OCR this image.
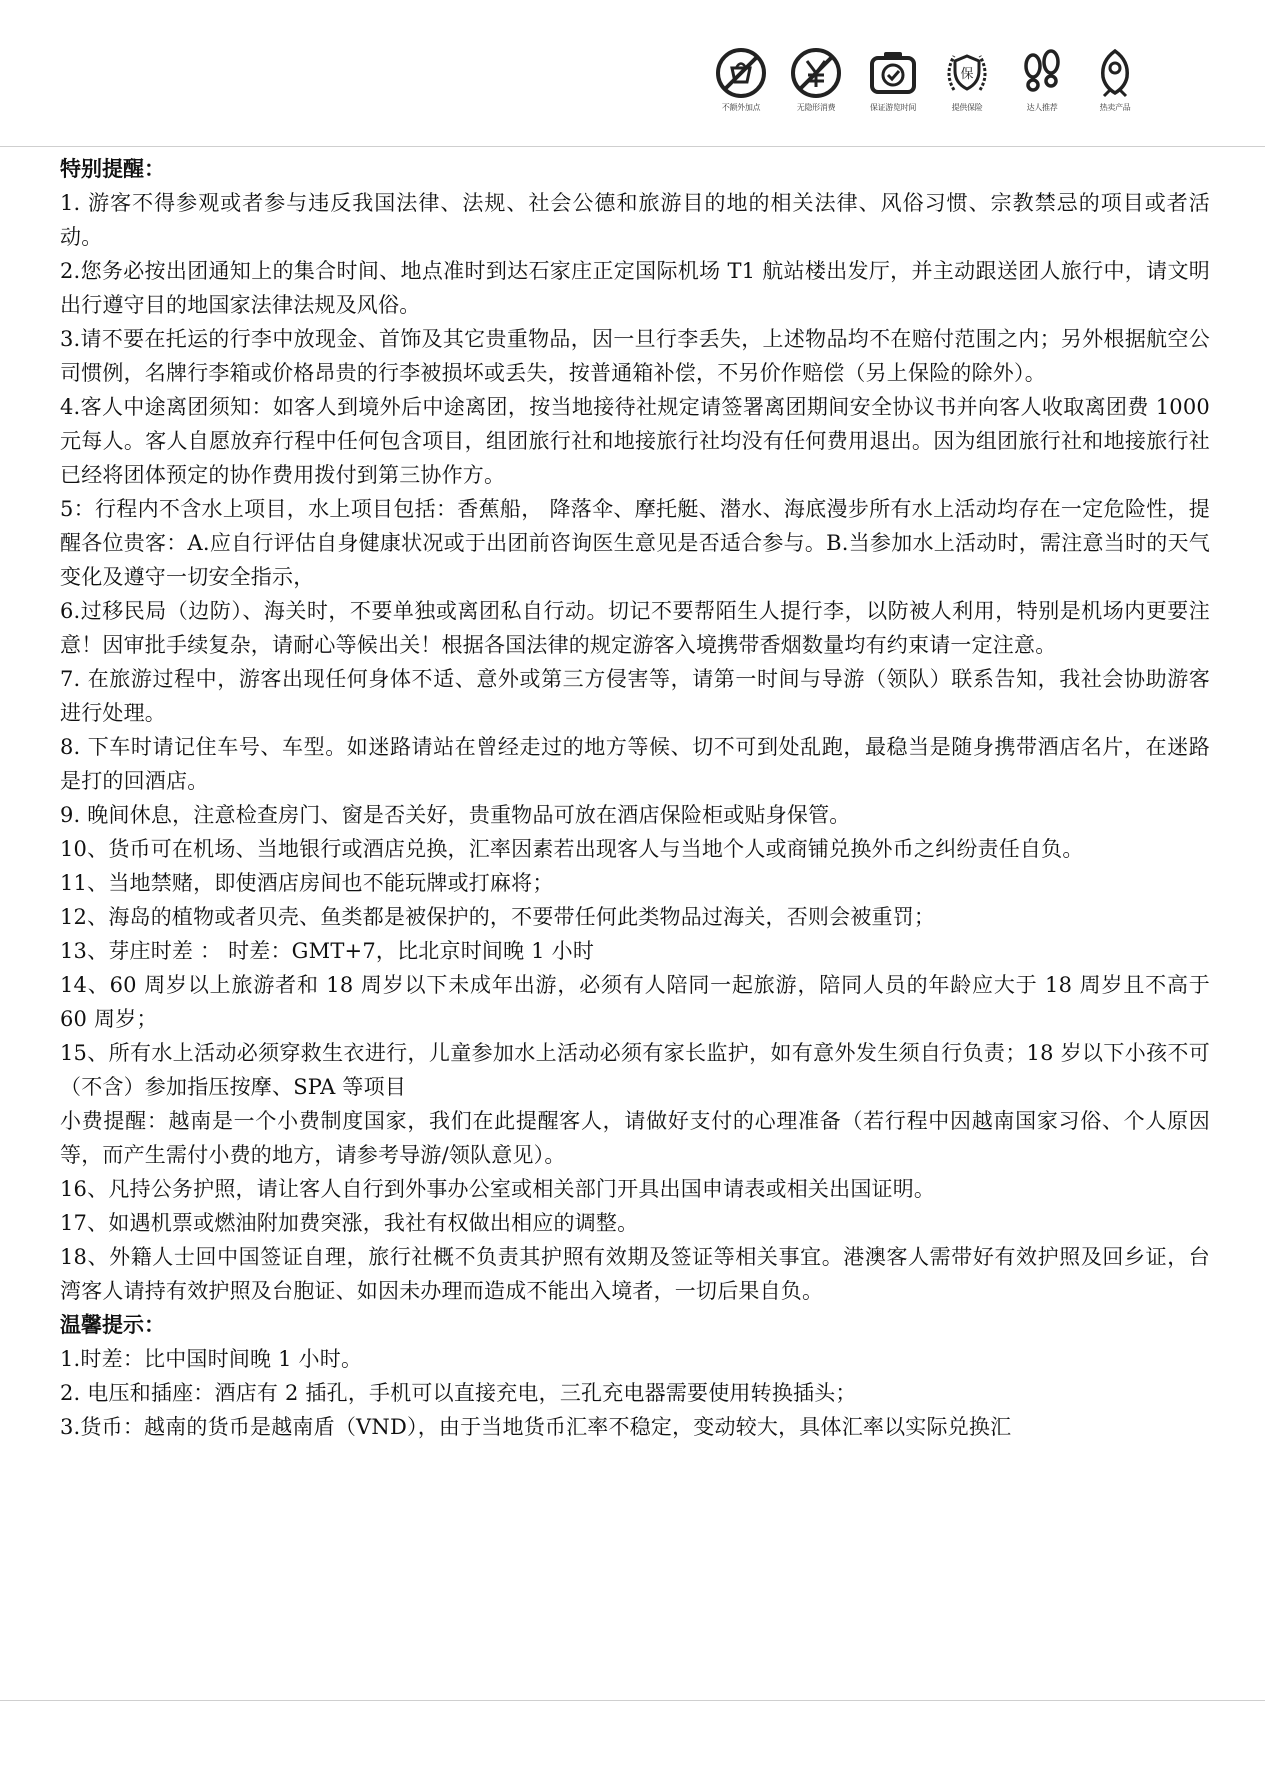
不额外加点	无隐形消费	保证游览时间
保
提供保险	达人推荐	热卖产品
特别提醒：

1. 游客不得参观或者参与违反我国法律、法规、社会公德和旅游目的地的相关法律、风俗习惯、宗教禁忌的项目或者活动。

2.您务必按出团通知上的集合时间、地点准时到达石家庄正定国际机场 T1 航站楼出发厅，并主动跟送团人旅行中，请文明出行遵守目的地国家法律法规及风俗。

3.请不要在托运的行李中放现金、首饰及其它贵重物品，因一旦行李丢失，上述物品均不在赔付范围之内；另外根据航空公司惯例，名牌行李箱或价格昂贵的行李被损坏或丢失，按普通箱补偿，不另价作赔偿（另上保险的除外）。

4.客人中途离团须知：如客人到境外后中途离团，按当地接待社规定请签署离团期间安全协议书并向客人收取离团费 1000 元每人。客人自愿放弃行程中任何包含项目，组团旅行社和地接旅行社均没有任何费用退出。因为组团旅行社和地接旅行社已经将团体预定的协作费用拨付到第三协作方。

5：行程内不含水上项目，水上项目包括：香蕉船， 降落伞、摩托艇、潜水、海底漫步所有水上活动均存在一定危险性，提醒各位贵客：A.应自行评估自身健康状况或于出团前咨询医生意见是否适合参与。B.当参加水上活动时，需注意当时的天气变化及遵守一切安全指示，

6.过移民局（边防）、海关时，不要单独或离团私自行动。切记不要帮陌生人提行李，以防被人利用，特别是机场内更要注意！因审批手续复杂，请耐心等候出关！根据各国法律的规定游客入境携带香烟数量均有约束请一定注意。

7. 在旅游过程中，游客出现任何身体不适、意外或第三方侵害等，请第一时间与导游（领队）联系告知，我社会协助游客进行处理。

8. 下车时请记住车号、车型。如迷路请站在曾经走过的地方等候、切不可到处乱跑，最稳当是随身携带酒店名片，在迷路是打的回酒店。

9. 晚间休息，注意检查房门、窗是否关好，贵重物品可放在酒店保险柜或贴身保管。

10、货币可在机场、当地银行或酒店兑换，汇率因素若出现客人与当地个人或商铺兑换外币之纠纷责任自负。

11、当地禁赌，即使酒店房间也不能玩牌或打麻将；

12、海岛的植物或者贝壳、鱼类都是被保护的，不要带任何此类物品过海关，否则会被重罚；

13、芽庄时差 ： 时差：GMT+7，比北京时间晚 1 小时

14、60 周岁以上旅游者和 18 周岁以下未成年出游，必须有人陪同一起旅游，陪同人员的年龄应大于 18 周岁且不高于 60 周岁；

15、所有水上活动必须穿救生衣进行，儿童参加水上活动必须有家长监护，如有意外发生须自行负责；18 岁以下小孩不可（不含）参加指压按摩、SPA 等项目

小费提醒：越南是一个小费制度国家，我们在此提醒客人，请做好支付的心理准备（若行程中因越南国家习俗、个人原因等，而产生需付小费的地方，请参考导游/领队意见）。

16、凡持公务护照，请让客人自行到外事办公室或相关部门开具出国申请表或相关出国证明。

17、如遇机票或燃油附加费突涨，我社有权做出相应的调整。

18、外籍人士回中国签证自理，旅行社概不负责其护照有效期及签证等相关事宜。港澳客人需带好有效护照及回乡证，台湾客人请持有效护照及台胞证、如因未办理而造成不能出入境者，一切后果自负。

温馨提示：

1.时差：比中国时间晚 1 小时。

2. 电压和插座：酒店有 2 插孔，手机可以直接充电，三孔充电器需要使用转换插头；

3.货币：越南的货币是越南盾（VND），由于当地货币汇率不稳定，变动较大，具体汇率以实际兑换汇
